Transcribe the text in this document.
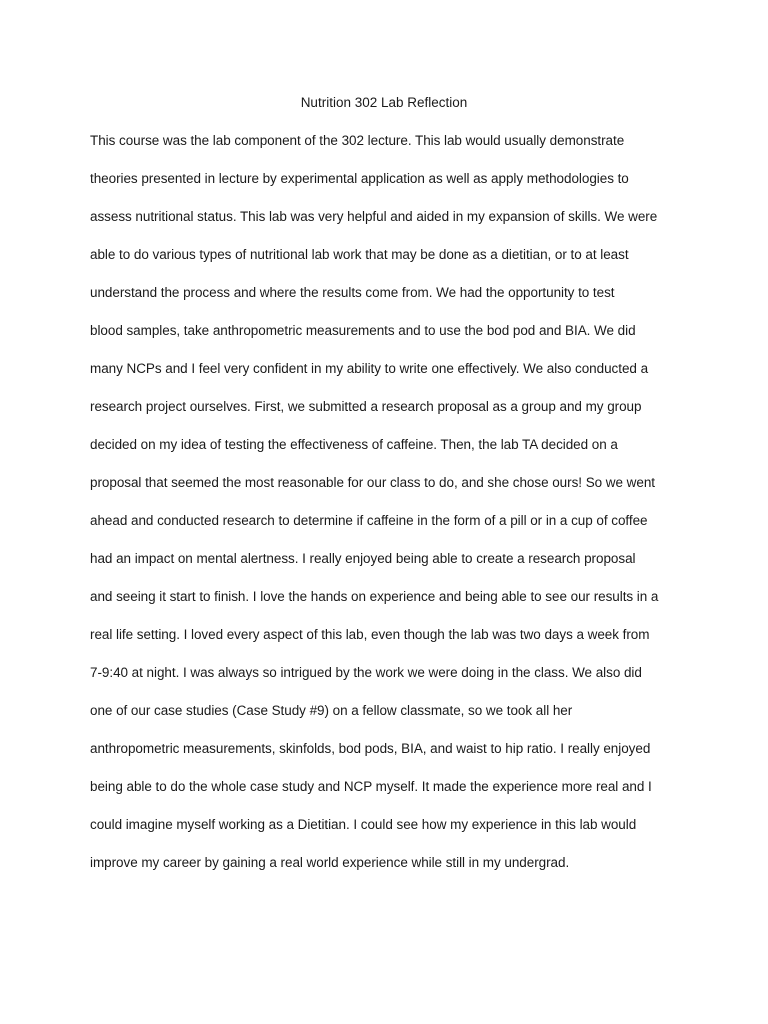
Nutrition 302 Lab Reflection
This course was the lab component of the 302 lecture. This lab would usually demonstrate
theories presented in lecture by experimental application as well as apply methodologies to
assess nutritional status. This lab was very helpful and aided in my expansion of skills. We were
able to do various types of nutritional lab work that may be done as a dietitian, or to at least
understand the process and where the results come from. We had the opportunity to test
blood samples, take anthropometric measurements and to use the bod pod and BIA. We did
many NCPs and I feel very confident in my ability to write one effectively. We also conducted a
research project ourselves. First, we submitted a research proposal as a group and my group
decided on my idea of testing the effectiveness of caffeine. Then, the lab TA decided on a
proposal that seemed the most reasonable for our class to do, and she chose ours! So we went
ahead and conducted research to determine if caffeine in the form of a pill or in a cup of coffee
had an impact on mental alertness. I really enjoyed being able to create a research proposal
and seeing it start to finish. I love the hands on experience and being able to see our results in a
real life setting. I loved every aspect of this lab, even though the lab was two days a week from
7-9:40 at night. I was always so intrigued by the work we were doing in the class. We also did
one of our case studies (Case Study #9) on a fellow classmate, so we took all her
anthropometric measurements, skinfolds, bod pods, BIA, and waist to hip ratio. I really enjoyed
being able to do the whole case study and NCP myself. It made the experience more real and I
could imagine myself working as a Dietitian. I could see how my experience in this lab would
improve my career by gaining a real world experience while still in my undergrad.
